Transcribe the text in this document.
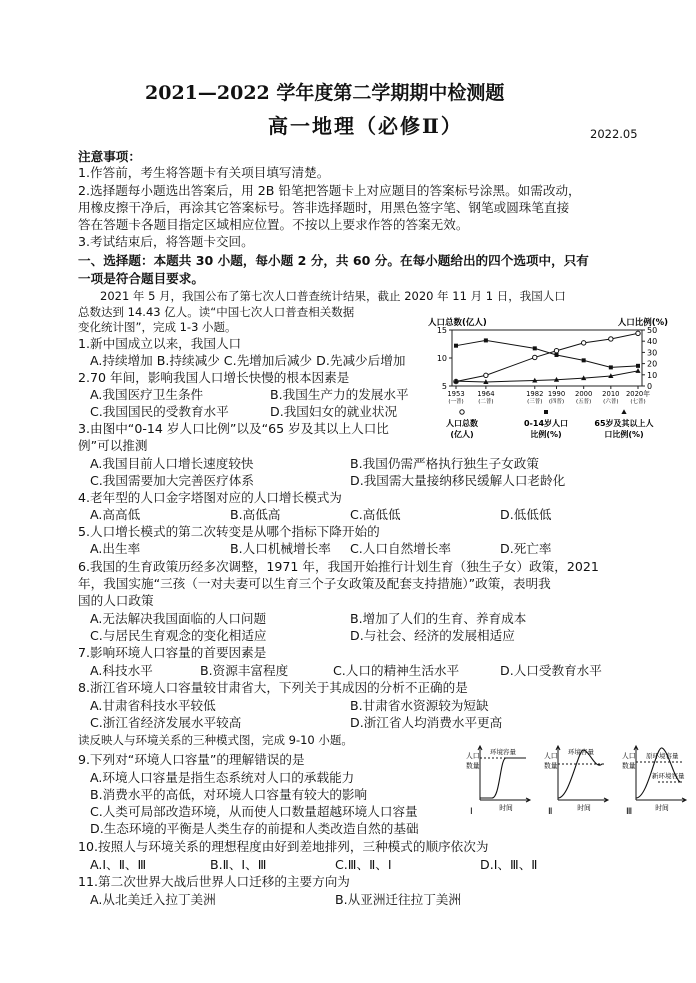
2021—2022 学年度第二学期期中检测题
高一地理（必修Ⅱ）	2022.05
注意事项：
1.作答前，考生将答题卡有关项目填写清楚。
2.选择题每小题选出答案后，用 2B 铅笔把答题卡上对应题目的答案标号涂黑。如需改动，
用橡皮擦干净后，再涂其它答案标号。答非选择题时，用黑色签字笔、钢笔或圆珠笔直接
答在答题卡各题目指定区域相应位置。不按以上要求作答的答案无效。
3.考试结束后，将答题卡交回。
一、选择题：本题共 30 小题，每小题 2 分，共 60 分。在每小题给出的四个选项中，只有
一项是符合题目要求。
2021 年 5 月，我国公布了第七次人口普查统计结果，截止 2020 年 11 月 1 日，我国人口
总数达到 14.43 亿人。读“中国七次人口普查相关数据
变化统计图”，完成 1-3 小题。	人口总数(亿人)	人口比例(%)
15
10
5
50
40
30
20
10
0
1953
(一普)
1964
(二普)
1982
(三普)
1990
(四普)
2000
(五普)
2010
(六普)
2020年
(七普)
人口总数
(亿人)
0-14岁人口
比例(%)
65岁及其以上人
口比例(%)
1.新中国成立以来，我国人口
A.持续增加 B.持续减少 C.先增加后减少 D.先减少后增加
2.70 年间，影响我国人口增长快慢的根本因素是
A.我国医疗卫生条件	B.我国生产力的发展水平
C.我国国民的受教育水平	D.我国妇女的就业状况
3.由图中“0-14 岁人口比例”以及“65 岁及其以上人口比
例”可以推测
A.我国目前人口增长速度较快	B.我国仍需严格执行独生子女政策
C.我国需要加大完善医疗体系	D.我国需大量接纳移民缓解人口老龄化
4.老年型的人口金字塔图对应的人口增长模式为
A.高高低	B.高低高	C.高低低	D.低低低
5.人口增长模式的第二次转变是从哪个指标下降开始的
A.出生率	B.人口机械增长率 C.人口自然增长率	D.死亡率
6.我国的生育政策历经多次调整，1971 年，我国开始推行计划生育（独生子女）政策，2021
年，我国实施“三孩（一对夫妻可以生育三个子女政策及配套支持措施）”政策，表明我
国的人口政策
A.无法解决我国面临的人口问题	B.增加了人们的生育、养育成本
C.与居民生育观念的变化相适应	D.与社会、经济的发展相适应
7.影响环境人口容量的首要因素是
A.科技水平	B.资源丰富程度	C.人口的精神生活水平	D.人口受教育水平
8.浙江省环境人口容量较甘肃省大，下列关于其成因的分析不正确的是
A.甘肃省科技水平较低	B.甘肃省水资源较为短缺
C.浙江省经济发展水平较高	D.浙江省人均消费水平更高
读反映人与环境关系的三种模式图，完成 9-10 小题。
人口
数量
时间
Ⅰ
环境容量	人口
数量
时间
Ⅱ
环境容量	人口
数量
时间
Ⅲ
原环境容量
新环境容量
9.下列对“环境人口容量”的理解错误的是
A.环境人口容量是指生态系统对人口的承载能力
B.消费水平的高低，对环境人口容量有较大的影响
C.人类可局部改造环境，从而使人口数量超越环境人口容量
D.生态环境的平衡是人类生存的前提和人类改造自然的基础
10.按照人与环境关系的理想程度由好到差地排列，三种模式的顺序依次为
A.Ⅰ、Ⅱ、Ⅲ	B.Ⅱ、Ⅰ、Ⅲ	C.Ⅲ、Ⅱ、Ⅰ	D.Ⅰ、Ⅲ、Ⅱ
11.第二次世界大战后世界人口迁移的主要方向为
A.从北美迁入拉丁美洲	B.从亚洲迁往拉丁美洲
